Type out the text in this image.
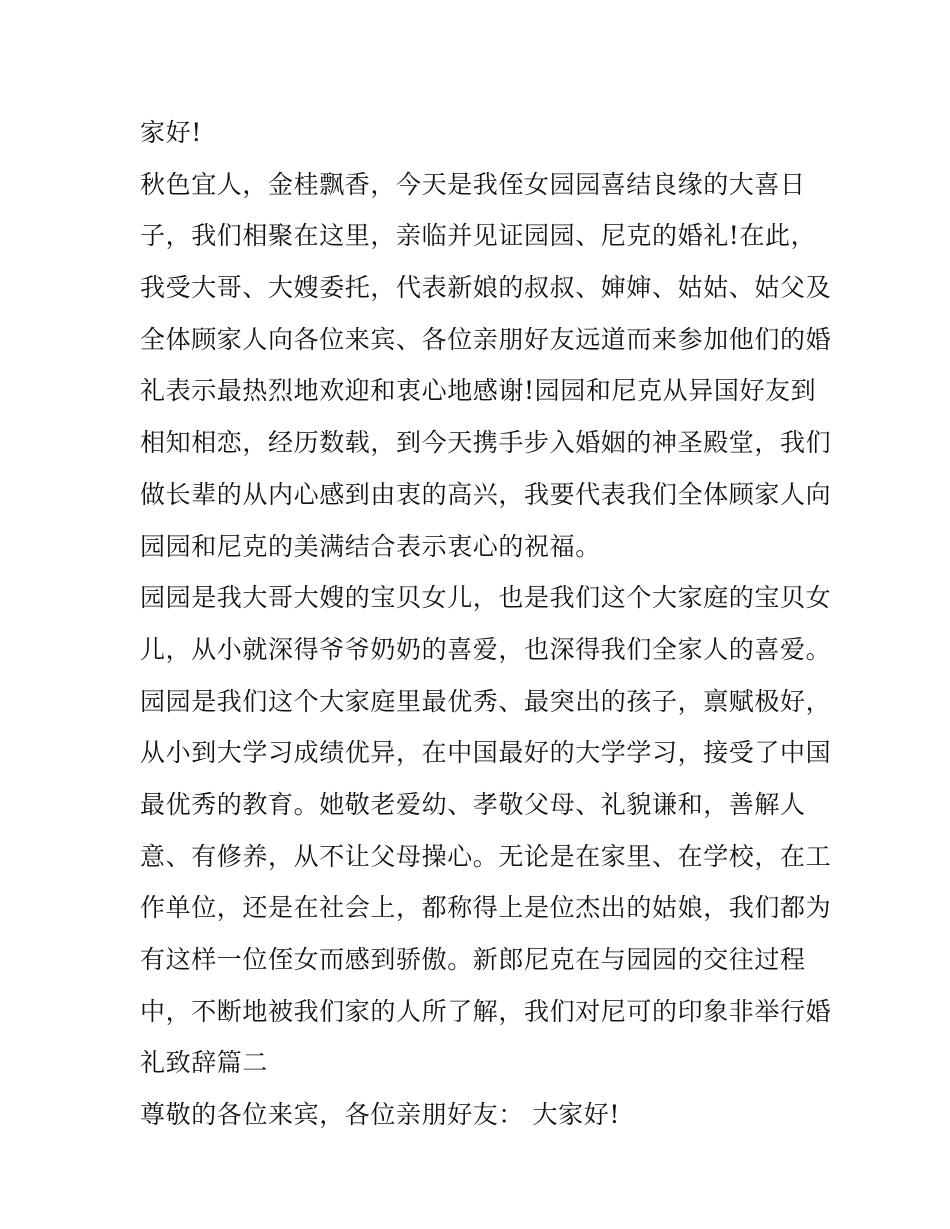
家好!
秋色宜人，金桂飘香，今天是我侄女园园喜结良缘的大喜日
子，我们相聚在这里，亲临并见证园园、尼克的婚礼!在此，
我受大哥、大嫂委托，代表新娘的叔叔、婶婶、姑姑、姑父及
全体顾家人向各位来宾、各位亲朋好友远道而来参加他们的婚
礼表示最热烈地欢迎和衷心地感谢!园园和尼克从异国好友到
相知相恋，经历数载，到今天携手步入婚姻的神圣殿堂，我们
做长辈的从内心感到由衷的高兴，我要代表我们全体顾家人向
园园和尼克的美满结合表示衷心的祝福。
园园是我大哥大嫂的宝贝女儿，也是我们这个大家庭的宝贝女
儿，从小就深得爷爷奶奶的喜爱，也深得我们全家人的喜爱。
园园是我们这个大家庭里最优秀、最突出的孩子，禀赋极好，
从小到大学习成绩优异，在中国最好的大学学习，接受了中国
最优秀的教育。她敬老爱幼、孝敬父母、礼貌谦和，善解人
意、有修养，从不让父母操心。无论是在家里、在学校，在工
作单位，还是在社会上，都称得上是位杰出的姑娘，我们都为
有这样一位侄女而感到骄傲。新郎尼克在与园园的交往过程
中，不断地被我们家的人所了解，我们对尼可的印象非举行婚
礼致辞篇二
尊敬的各位来宾，各位亲朋好友： 大家好!
